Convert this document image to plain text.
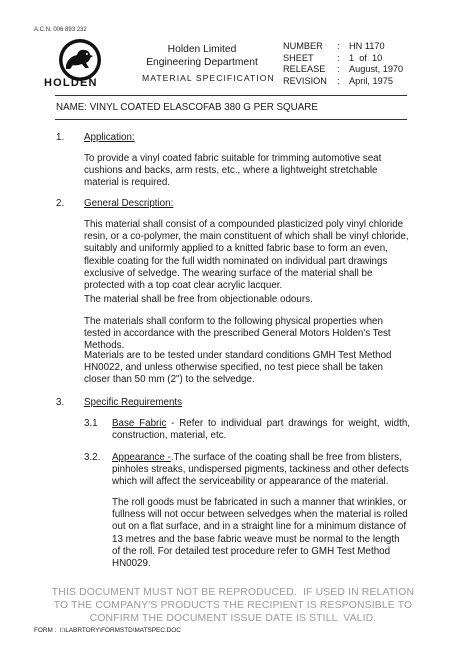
A.C.N. 006 893 232
HOLDEN
Holden Limited
Engineering Department
MATERIAL SPECIFICATION
NUMBER	:	HN 1170
SHEET	:	1  of  10
RELEASE	:	August, 1970
REVISION	:	April, 1975
NAME: VINYL COATED ELASCOFAB 380 G PER SQUARE
1. Application:
To provide a vinyl coated fabric suitable for trimming automotive seat cushions and backs, arm rests, etc., where a lightweight stretchable material is required.
2. General Description:
This material shall consist of a compounded plasticized poly vinyl chloride resin, or a co-polymer, the main constituent of which shall be vinyl chloride, suitably and uniformly applied to a knitted fabric base to form an even, flexible coating for the full width nominated on individual part drawings exclusive of selvedge. The wearing surface of the material shall be protected with a top coat clear acrylic lacquer.
The material shall be free from objectionable odours.
The materials shall conform to the following physical properties when tested in accordance with the prescribed General Motors Holden's Test Methods.
Materials are to be tested under standard conditions GMH Test Method HN0022, and unless otherwise specified, no test piece shall be taken closer than 50 mm (2") to the selvedge.
3. Specific Requirements
3.1 Base Fabric - Refer to individual part drawings for weight, width, construction, material, etc.
3.2. Appearance -.The surface of the coating shall be free from blisters, pinholes streaks, undispersed pigments, tackiness and other defects which will affect the serviceability or appearance of the material.
The roll goods must be fabricated in such a manner that wrinkles, or fullness will not occur between selvedges when the material is rolled out on a flat surface, and in a straight line for a minimum distance of 13 metres and the base fabric weave must be normal to the length of the roll. For detailed test procedure refer to GMH Test Method HN0029.
THIS DOCUMENT MUST NOT BE REPRODUCED.  IF USED IN RELATION
TO THE COMPANY'S PRODUCTS THE RECIPIENT IS RESPONSIBLE TO
CONFIRM THE DOCUMENT ISSUE DATE IS STILL  VALID.
FORM :  I:\LABRTORY\FORMSTD\MATSPEC.DOC
